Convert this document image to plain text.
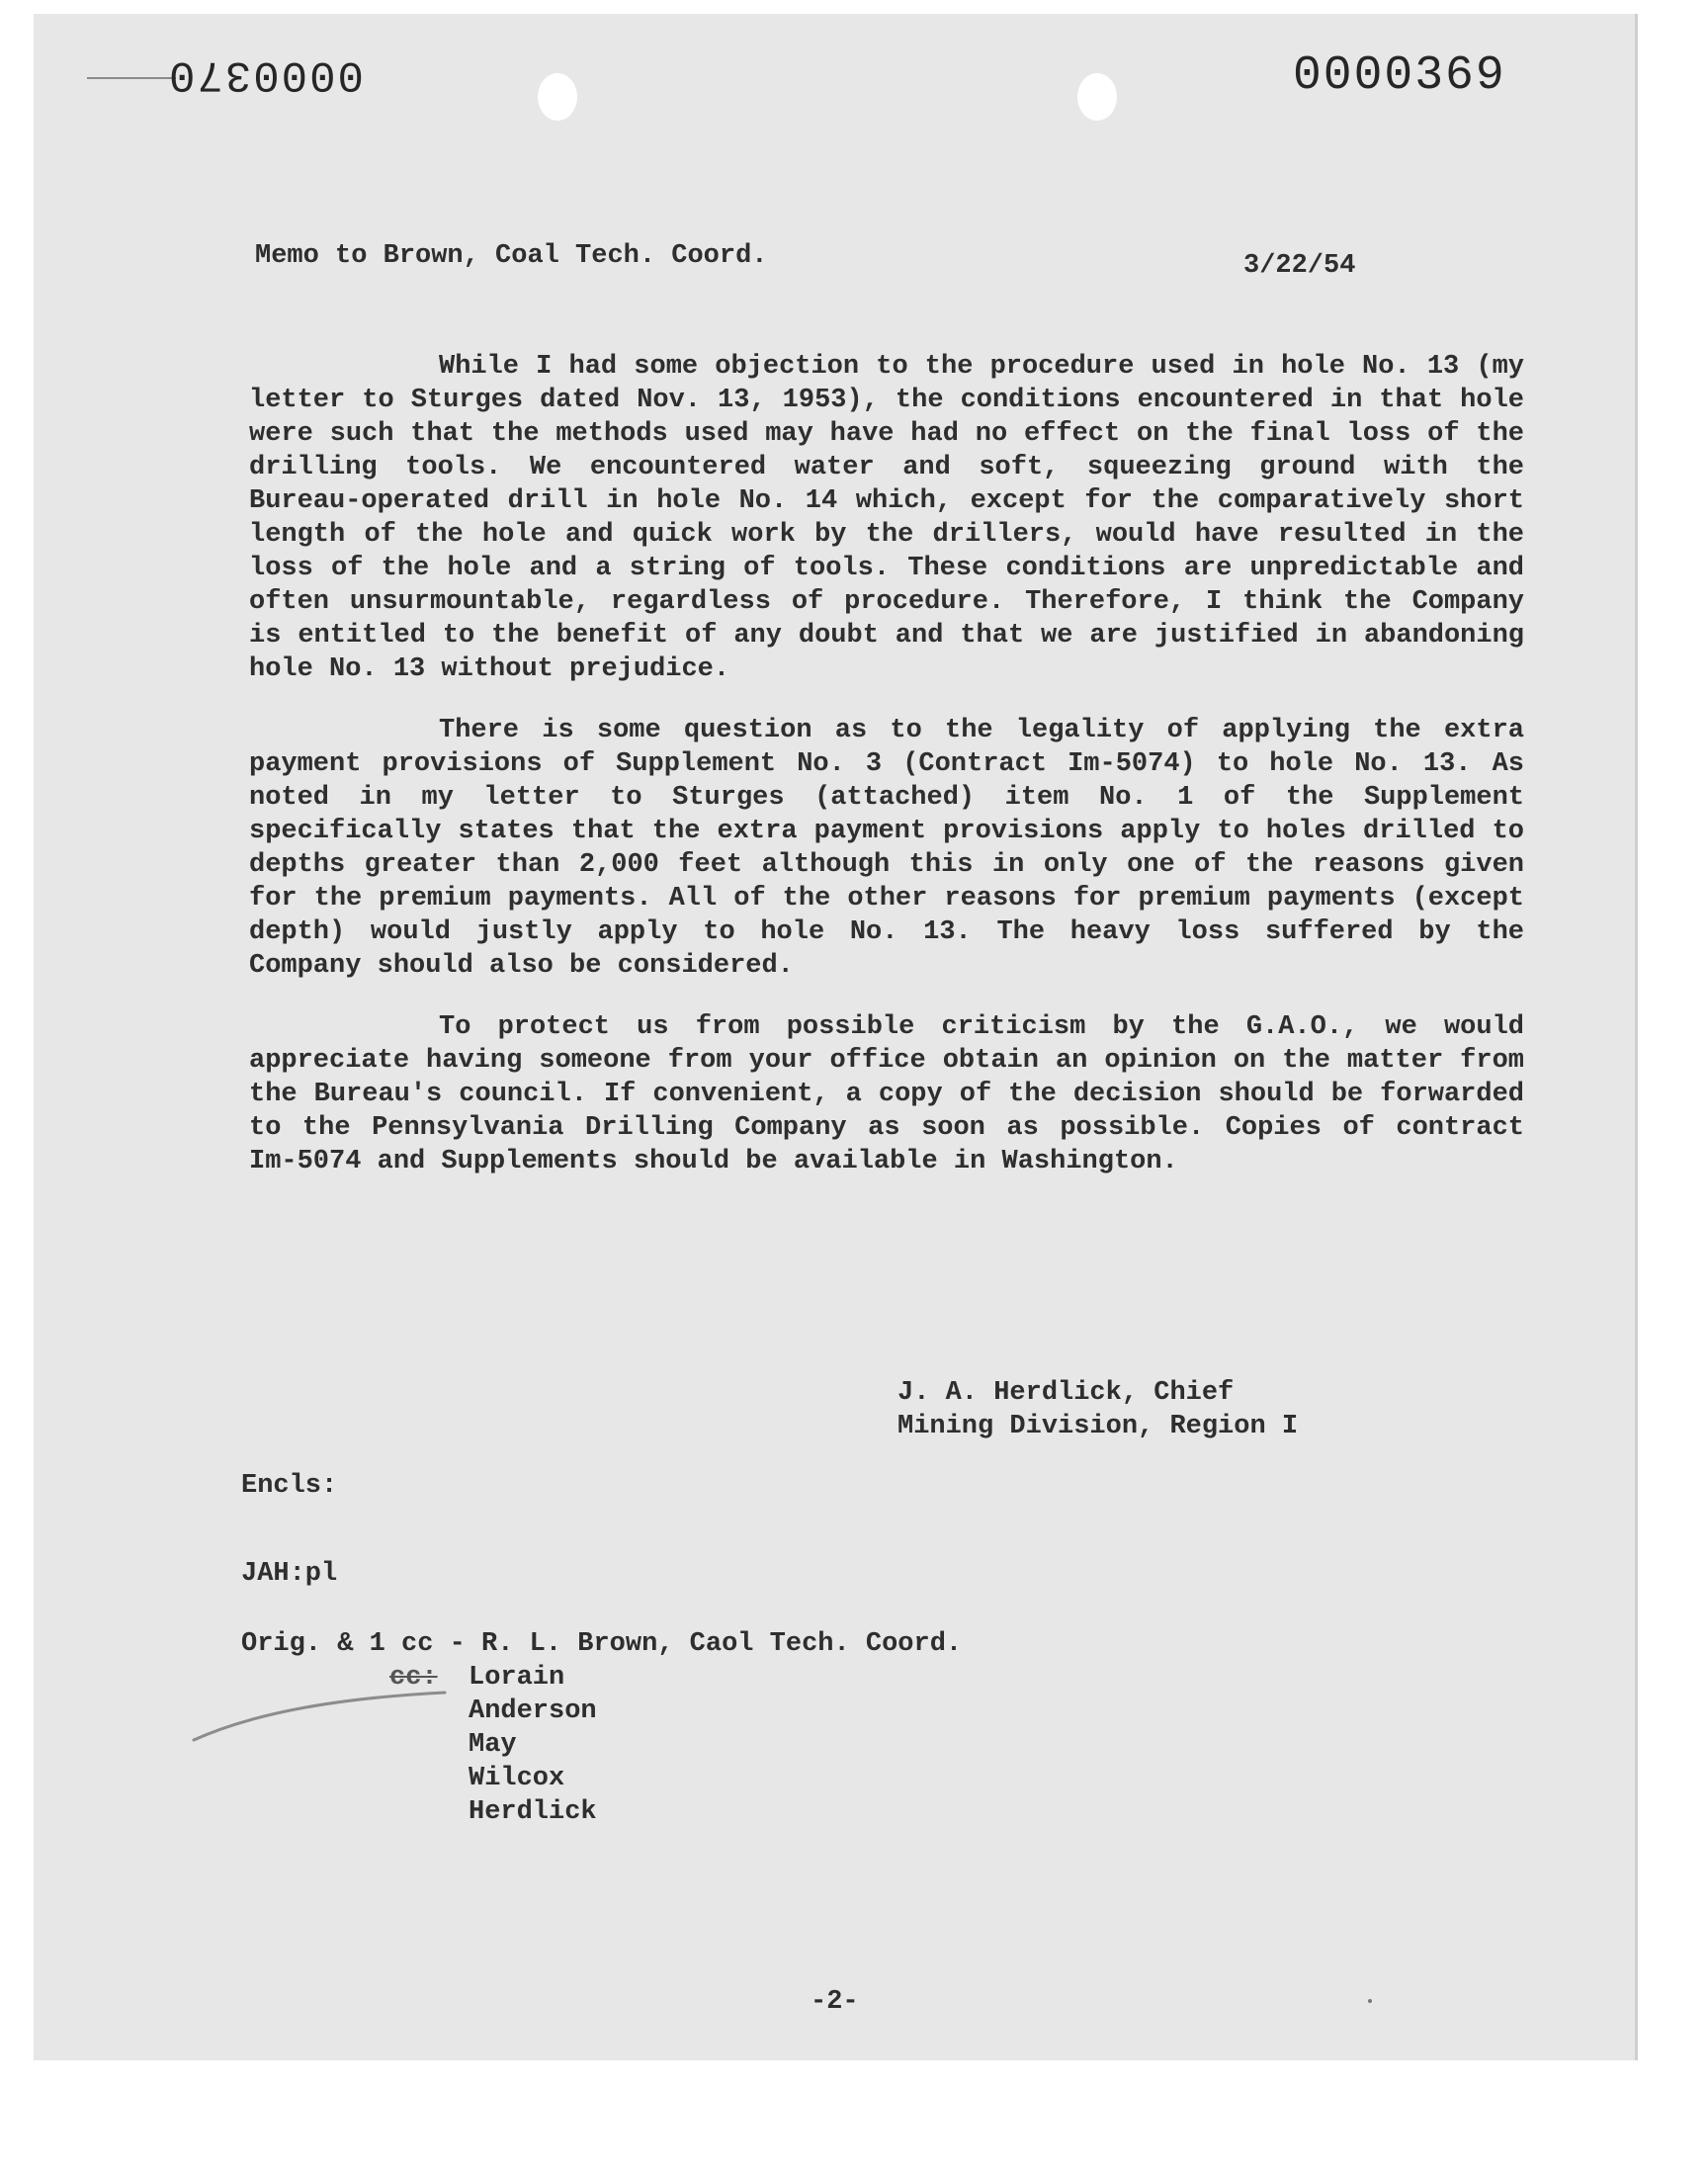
0000370	0000369
Memo to Brown, Coal Tech. Coord.	3/22/54

While I had some objection to the procedure used in hole No. 13 (my letter to Sturges dated Nov. 13, 1953), the conditions encountered in that hole were such that the methods used may have had no effect on the final loss of the drilling tools. We encountered water and soft, squeezing ground with the Bureau-operated drill in hole No. 14 which, except for the comparatively short length of the hole and quick work by the drillers, would have resulted in the loss of the hole and a string of tools. These conditions are unpredictable and often unsurmountable, regardless of procedure. Therefore, I think the Company is entitled to the benefit of any doubt and that we are justified in abandoning hole No. 13 without prejudice.

There is some question as to the legality of applying the extra payment provisions of Supplement No. 3 (Contract Im-5074) to hole No. 13. As noted in my letter to Sturges (attached) item No. 1 of the Supplement specifically states that the extra payment provisions apply to holes drilled to depths greater than 2,000 feet although this in only one of the reasons given for the premium payments. All of the other reasons for premium payments (except depth) would justly apply to hole No. 13. The heavy loss suffered by the Company should also be considered.

To protect us from possible criticism by the G.A.O., we would appreciate having someone from your office obtain an opinion on the matter from the Bureau's council. If convenient, a copy of the decision should be forwarded to the Pennsylvania Drilling Company as soon as possible. Copies of contract Im-5074 and Supplements should be available in Washington.

J. A. Herdlick, Chief
Mining Division, Region I
Encls:
JAH:pl
Orig. & 1 cc - R. L. Brown, Caol Tech. Coord.
cc: Lorain
Anderson
May
Wilcox
Herdlick
-2-
